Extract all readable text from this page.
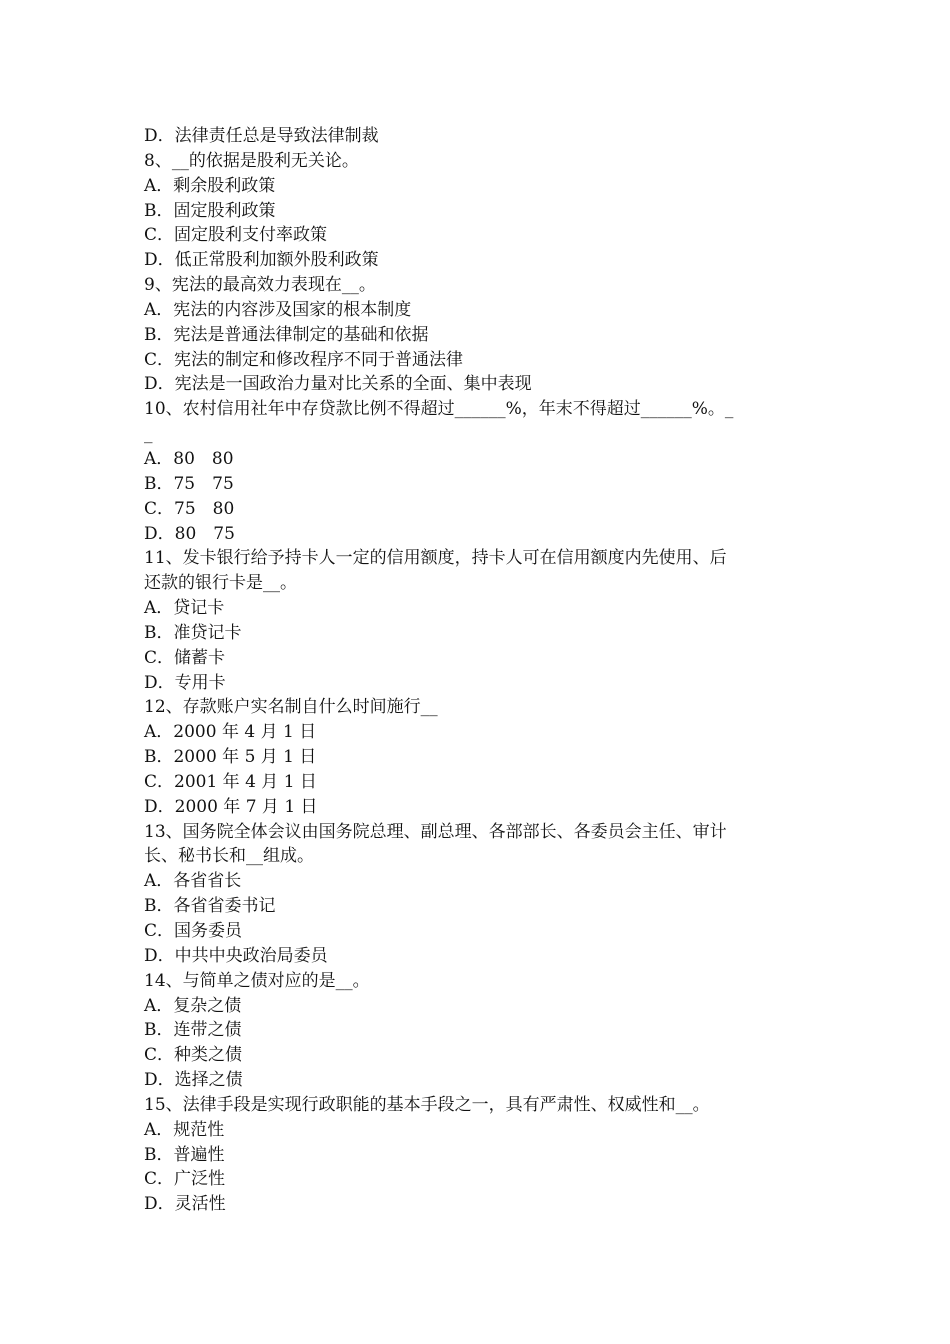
D．法律责任总是导致法律制裁
8、__的依据是股利无关论。
A．剩余股利政策
B．固定股利政策
C．固定股利支付率政策
D．低正常股利加额外股利政策
9、宪法的最高效力表现在__。
A．宪法的内容涉及国家的根本制度
B．宪法是普通法律制定的基础和依据
C．宪法的制定和修改程序不同于普通法律
D．宪法是一国政治力量对比关系的全面、集中表现
10、农村信用社年中存贷款比例不得超过______%，年末不得超过______%。_
_
A．80　80
B．75　75
C．75　80
D．80　75
11、发卡银行给予持卡人一定的信用额度，持卡人可在信用额度内先使用、后
还款的银行卡是__。
A．贷记卡
B．准贷记卡
C．储蓄卡
D．专用卡
12、存款账户实名制自什么时间施行__
A．2000 年 4 月 1 日
B．2000 年 5 月 1 日
C．2001 年 4 月 1 日
D．2000 年 7 月 1 日
13、国务院全体会议由国务院总理、副总理、各部部长、各委员会主任、审计
长、秘书长和__组成。
A．各省省长
B．各省省委书记
C．国务委员
D．中共中央政治局委员
14、与简单之债对应的是__。
A．复杂之债
B．连带之债
C．种类之债
D．选择之债
15、法律手段是实现行政职能的基本手段之一，具有严肃性、权威性和__。
A．规范性
B．普遍性
C．广泛性
D．灵活性
